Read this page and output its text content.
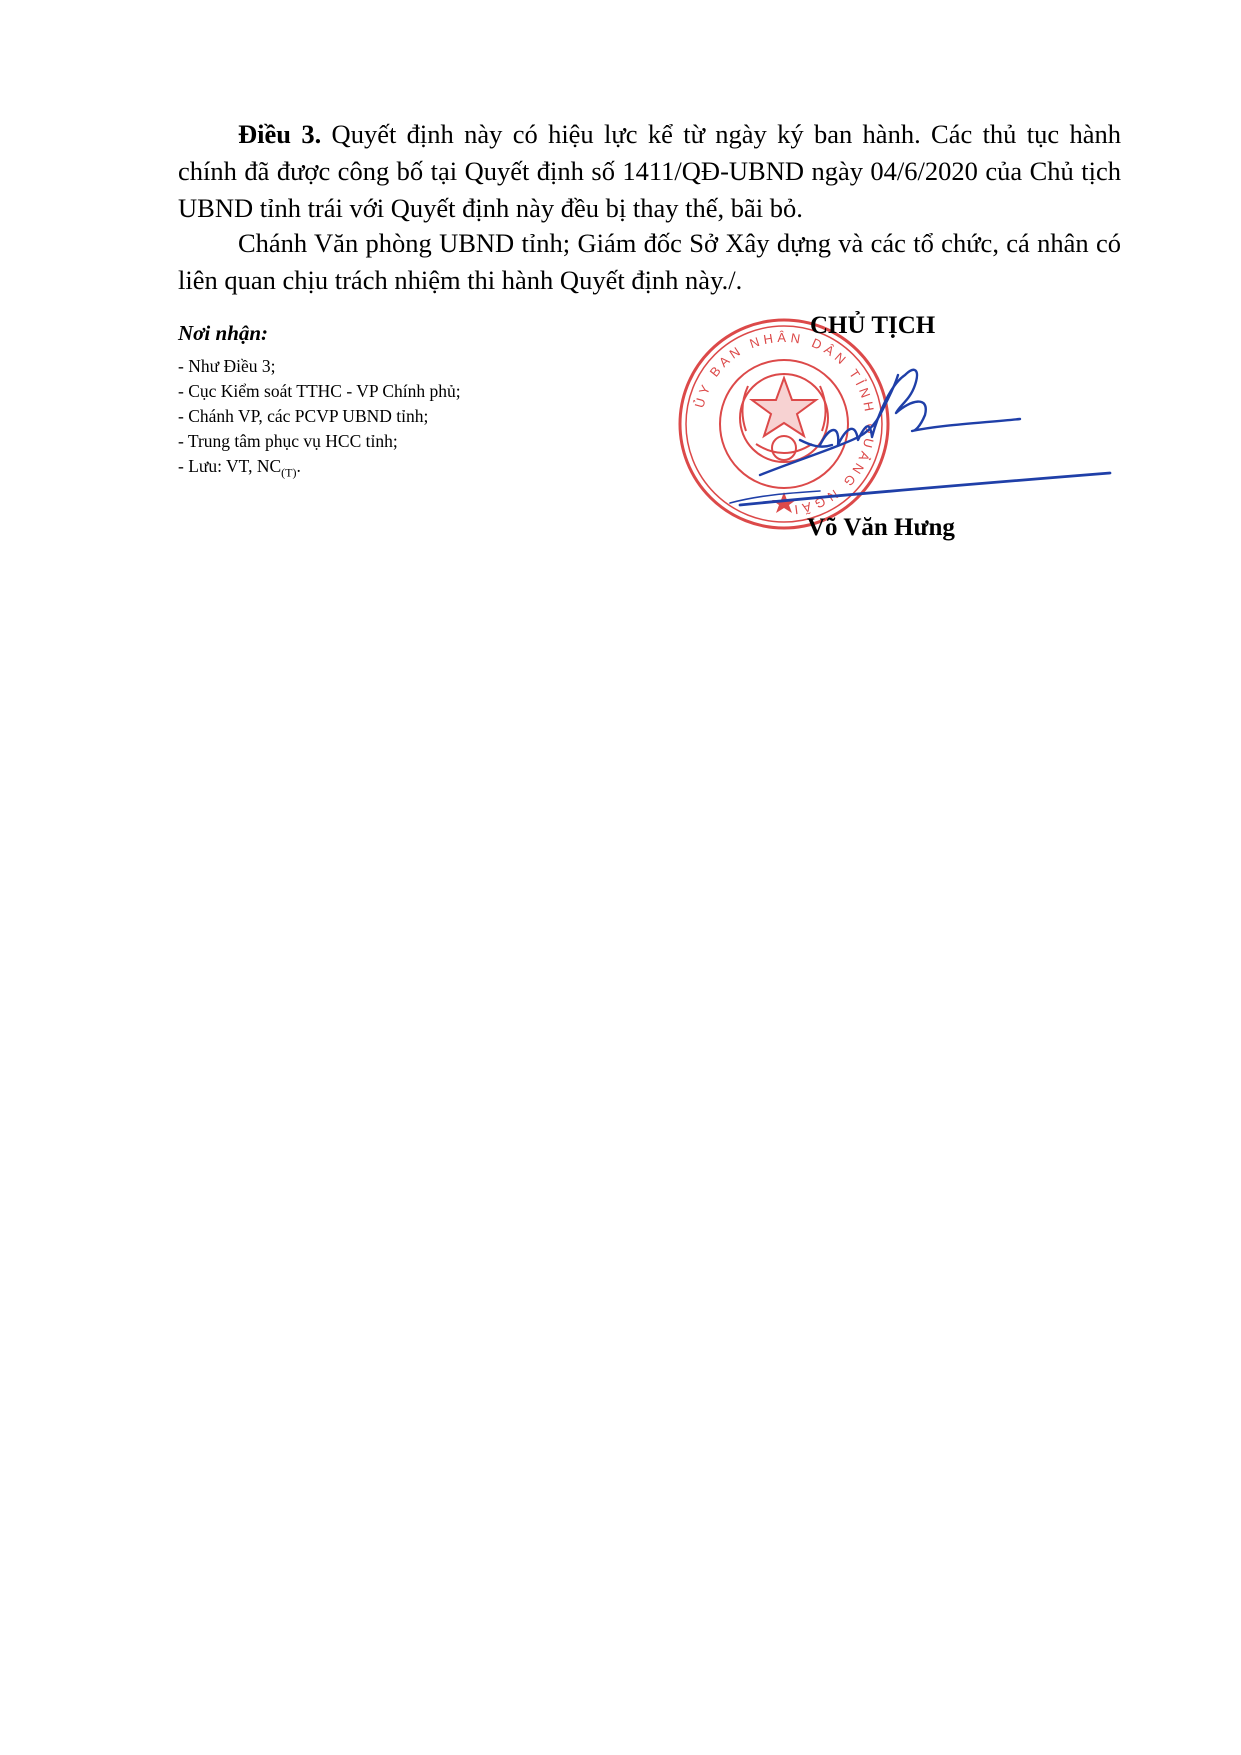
Điều 3. Quyết định này có hiệu lực kể từ ngày ký ban hành. Các thủ tục hành chính đã được công bố tại Quyết định số 1411/QĐ-UBND ngày 04/6/2020 của Chủ tịch UBND tỉnh trái với Quyết định này đều bị thay thế, bãi bỏ.

Chánh Văn phòng UBND tỉnh; Giám đốc Sở Xây dựng và các tổ chức, cá nhân có liên quan chịu trách nhiệm thi hành Quyết định này./.

Nơi nhận:

- Như Điều 3;
- Cục Kiểm soát TTHC - VP Chính phủ;
- Chánh VP, các PCVP UBND tỉnh;
- Trung tâm phục vụ HCC tỉnh;
- Lưu: VT, $NC_{(T)}$.
ỦY BAN NHÂN DÂN TỈNH QUẢNG NGÃI

CHỦ TỊCH

Võ Văn Hưng
